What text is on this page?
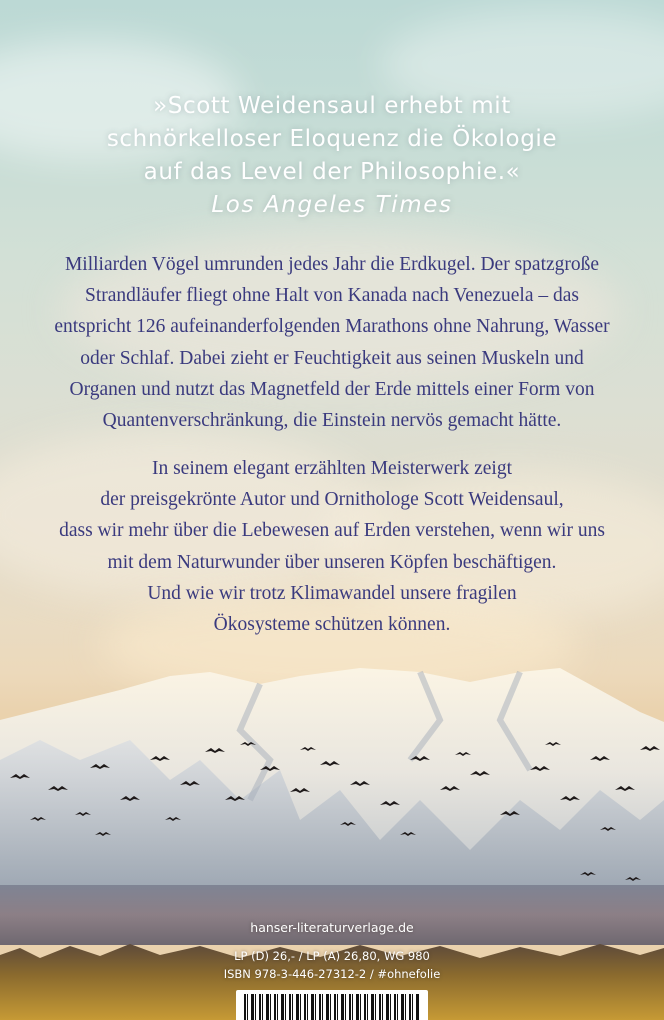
»Scott Weidensaul erhebt mit
schnörkelloser Eloquenz die Ökologie
auf das Level der Philosophie.«
Los Angeles Times
Milliarden Vögel umrunden jedes Jahr die Erdkugel. Der spatzgroße
Strandläufer fliegt ohne Halt von Kanada nach Venezuela – das
entspricht 126 aufeinanderfolgenden Marathons ohne Nahrung, Wasser
oder Schlaf. Dabei zieht er Feuchtigkeit aus seinen Muskeln und
Organen und nutzt das Magnetfeld der Erde mittels einer Form von
Quantenverschränkung, die Einstein nervös gemacht hätte.
In seinem elegant erzählten Meisterwerk zeigt
der preisgekrönte Autor und Ornithologe Scott Weidensaul,
dass wir mehr über die Lebewesen auf Erden verstehen, wenn wir uns
mit dem Naturwunder über unseren Köpfen beschäftigen.
Und wie wir trotz Klimawandel unsere fragilen
Ökosysteme schützen können.
hanser-literaturverlage.de
LP (D) 26,- / LP (A) 26,80, WG 980
ISBN 978-3-446-27312-2 / #ohnefolie
